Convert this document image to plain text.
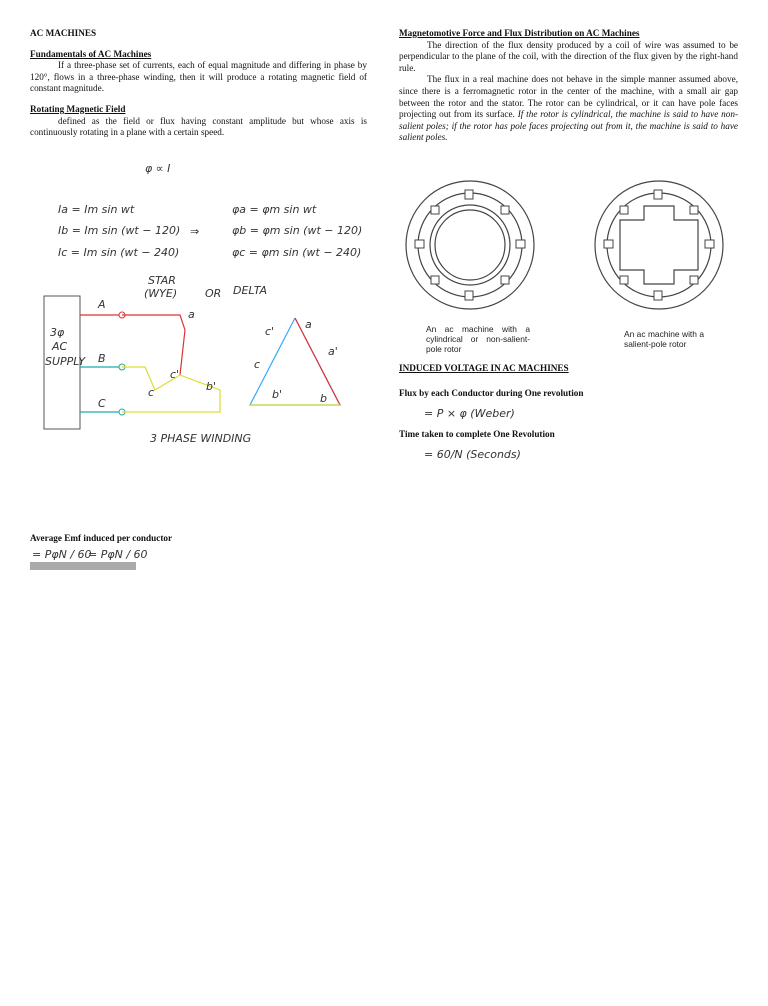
AC MACHINES

Fundamentals of AC Machines

If a three-phase set of currents, each of equal magnitude and differing in phase by 120°, flows in a three-phase winding, then it will produce a rotating magnetic field of constant magnitude.

Rotating Magnetic Field

defined as the field or flux having constant amplitude but whose axis is continuously rotating in a plane with a certain speed.

φ ∝ I
Ia = Im sin wt
Ib = Im sin (wt − 120)
Ic = Im sin (wt − 240)
⇒
φa = φm sin wt
φb = φm sin (wt − 120)
φc = φm sin (wt − 240)
STAR
(WYE)	OR DELTA
3φ
AC
SUPPLY
A
B
C
a
c'
b'
c
c'
a
a'
c
b'	b
3 PHASE WINDING

Average Emf induced per conductor

= PφN / 60
= PφN / 60

Magnetomotive Force and Flux Distribution on AC Machines

The direction of the flux density produced by a coil of wire was assumed to be perpendicular to the plane of the coil, with the direction of the flux given by the right-hand rule.

The flux in a real machine does not behave in the simple manner assumed above, since there is a ferromagnetic rotor in the center of the machine, with a small air gap between the rotor and the stator. The rotor can be cylindrical, or it can have pole faces projecting out from its surface. If the rotor is cylindrical, the machine is said to have non-salient poles; if the rotor has pole faces projecting out from it, the machine is said to have salient poles.

An ac machine with a cylindrical or non-salient-pole rotor
An ac machine with a salient-pole rotor

INDUCED VOLTAGE IN AC MACHINES

Flux by each Conductor during One revolution

= P × φ (Weber)

Time taken to complete One Revolution

= 60/N (Seconds)
